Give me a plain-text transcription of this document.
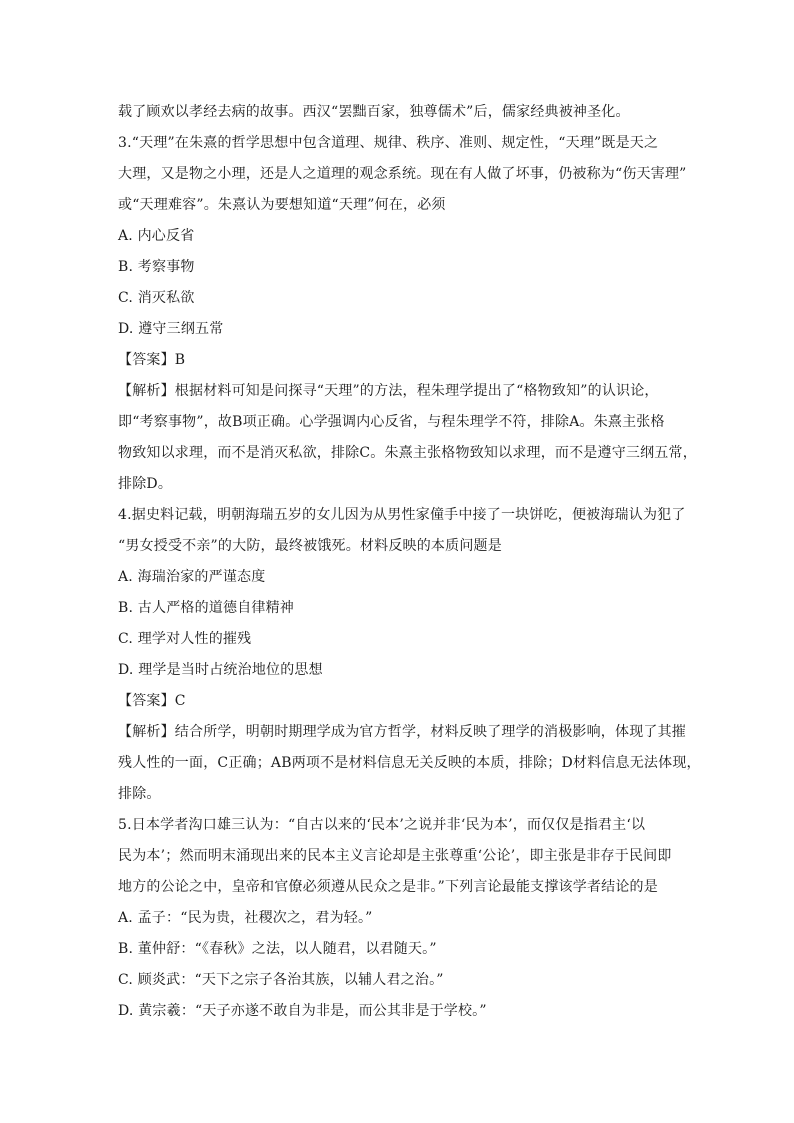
载了顾欢以孝经去病的故事。西汉“罢黜百家，独尊儒术”后，儒家经典被神圣化。
3.“天理”在朱熹的哲学思想中包含道理、规律、秩序、准则、规定性，“天理”既是天之
大理，又是物之小理，还是人之道理的观念系统。现在有人做了坏事，仍被称为“伤天害理”
或“天理难容”。朱熹认为要想知道“天理”何在，必须
A. 内心反省
B. 考察事物
C. 消灭私欲
D. 遵守三纲五常
【答案】B
【解析】根据材料可知是问探寻“天理”的方法，程朱理学提出了“格物致知”的认识论，
即“考察事物”，故B项正确。心学强调内心反省，与程朱理学不符，排除A。朱熹主张格
物致知以求理，而不是消灭私欲，排除C。朱熹主张格物致知以求理，而不是遵守三纲五常，
排除D。
4.据史料记载，明朝海瑞五岁的女儿因为从男性家僮手中接了一块饼吃，便被海瑞认为犯了
“男女授受不亲”的大防，最终被饿死。材料反映的本质问题是
A. 海瑞治家的严谨态度
B. 古人严格的道德自律精神
C. 理学对人性的摧残
D. 理学是当时占统治地位的思想
【答案】C
【解析】结合所学，明朝时期理学成为官方哲学，材料反映了理学的消极影响，体现了其摧
残人性的一面，C正确；AB两项不是材料信息无关反映的本质，排除；D材料信息无法体现，
排除。
5.日本学者沟口雄三认为：“自古以来的‘民本’之说并非‘民为本’，而仅仅是指君主‘以
民为本’；然而明末涌现出来的民本主义言论却是主张尊重‘公论’，即主张是非存于民间即
地方的公论之中，皇帝和官僚必须遵从民众之是非。”下列言论最能支撑该学者结论的是
A. 孟子：“民为贵，社稷次之，君为轻。”
B. 董仲舒：“《春秋》之法，以人随君，以君随天。”
C. 顾炎武：“天下之宗子各治其族，以辅人君之治。”
D. 黄宗羲：“天子亦遂不敢自为非是，而公其非是于学校。”
